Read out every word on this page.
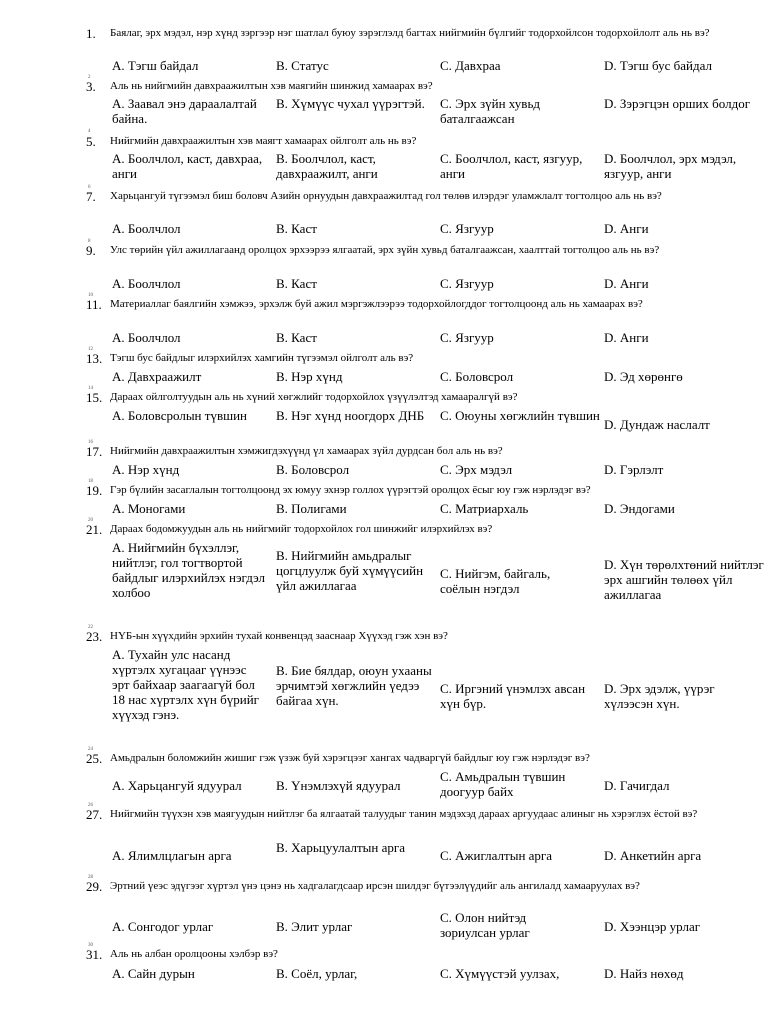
1. Баялаг, эрх мэдэл, нэр хүнд зэргээр нэг шатлал буюу зэрэглэлд багтах нийгмийн бүлгийг тодорхойлсон тодорхойлолт аль нь вэ?
A. Тэгш байдал	B. Статус	C. Давхраа	D. Тэгш бус байдал
2
3. Аль нь нийгмийн давхраажилтын хэв маягийн шинжид хамаарах вэ?
A. Заавал энэ дараалалтай байна.
B. Хүмүүс чухал үүрэгтэй.	C. Эрх зүйн хувьд баталгаажсан
D. Зэрэгцэн орших болдог
4
5. Нийгмийн давхраажилтын хэв маягт хамаарах ойлголт аль нь вэ?
A. Боолчлол, каст, давхраа, анги
B. Боолчлол, каст, давхраажилт, анги
C. Боолчлол, каст, язгуур, анги
D. Боолчлол, эрх мэдэл, язгуур, анги
6
7. Харьцангуй түгээмэл биш боловч Азийн орнуудын давхраажилтад гол төлөв илэрдэг уламжлалт тогтолцоо аль нь вэ?
A. Боолчлол	B. Каст	C. Язгуур	D. Анги
8
9. Улс төрийн үйл ажиллагаанд оролцох эрхээрээ ялгаатай, эрх зүйн хувьд баталгаажсан, хаалттай тогтолцоо аль нь вэ?
A. Боолчлол	B. Каст	C. Язгуур	D. Анги
10
11. Материаллаг баялгийн хэмжээ, эрхэлж буй ажил мэргэжлээрээ тодорхойлогддог тогтолцоонд аль нь хамаарах вэ?
A. Боолчлол	B. Каст	C. Язгуур	D. Анги
12
13. Тэгш бус байдлыг илэрхийлэх хамгийн түгээмэл ойлголт аль вэ?
A. Давхраажилт	B. Нэр хүнд	C. Боловсрол	D. Эд хөрөнгө
14
15. Дараах ойлголтуудын аль нь хүний хөгжлийг тодорхойлох үзүүлэлтэд хамааралгүй вэ?
A. Боловсролын түвшин	B. Нэг хүнд ноогдорх ДНБ	C. Оюуны хөгжлийн түвшин
D. Дундаж наслалт
16
17. Нийгмийн давхраажилтын хэмжигдэхүүнд үл хамаарах зүйл дурдсан бол аль нь вэ?
A. Нэр хүнд	B. Боловсрол	C. Эрх мэдэл	D. Гэрлэлт
18
19. Гэр бүлийн засаглалын тогтолцоонд эх юмуу эхнэр голлох үүрэгтэй оролцох ёсыг юу гэж нэрлэдэг вэ?
A. Моногами	B. Полигами	C. Матриархаль	D. Эндогами
20
21. Дараах бодомжуудын аль нь нийгмийг тодорхойлох гол шинжийг илэрхийлэх вэ?
A. Нийгмийн бүхэллэг, нийтлэг, гол тогтвортой байдлыг илэрхийлэх нэгдэл холбоо
B. Нийгмийн амьдралыг цогцлуулж буй хүмүүсийн үйл ажиллагаа
C. Нийгэм, байгаль, соёлын нэгдэл
D. Хүн төрөлхтөний нийтлэг эрх ашгийн төлөөх үйл ажиллагаа
22
23. НҮБ-ын хүүхдийн эрхийн тухай конвенцэд зааснаар Хүүхэд гэж хэн вэ?
A. Тухайн улс насанд хүртэлх хугацааг үүнээс эрт байхаар заагаагүй бол 18 нас хүртэлх хүн бүрийг хүүхэд гэнэ.
B. Бие бялдар, оюун ухааны эрчимтэй хөгжлийн үедээ байгаа хүн.
C. Иргэний үнэмлэх авсан хүн бүр.
D. Эрх эдэлж, үүрэг хүлээсэн хүн.
24
25. Амьдралын боломжийн жишиг гэж үзэж буй хэрэгцээг хангах чадваргүй байдлыг юу гэж нэрлэдэг вэ?
A. Харьцангуй ядуурал	B. Үнэмлэхүй ядуурал
C. Амьдралын түвшин доогуур байх	D. Гачигдал
26
27. Нийгмийн түүхэн хэв маягуудын нийтлэг ба ялгаатай талуудыг танин мэдэхэд дараах аргуудаас алиныг нь хэрэглэх ёстой вэ?
A. Ялимлцлагын арга
B. Харьцуулалтын арга
C. Ажиглалтын арга	D. Анкетийн арга
28
29. Эртний үеэс эдүгээг хүртэл үнэ цэнэ нь хадгалагдсаар ирсэн шилдэг бүтээлүүдийг аль ангилалд хамааруулах вэ?
A. Сонгодог урлаг	B. Элит урлаг
C. Олон нийтэд зориулсан урлаг	D. Хээнцэр урлаг
30
31. Аль нь албан оролцооны хэлбэр вэ?
A. Сайн дурын	B. Соёл, урлаг,	C. Хүмүүстэй уулзах,	D. Найз нөхөд
